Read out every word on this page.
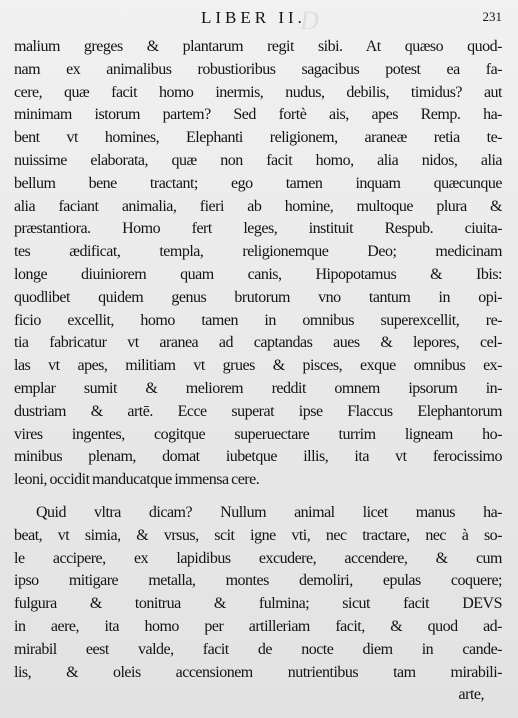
D
LIBER II.	231
malium greges & plantarum regit sibi. At quæso quod-
nam ex animalibus robustioribus sagacibus potest ea fa-
cere, quæ facit homo inermis, nudus, debilis, timidus? aut
minimam istorum partem? Sed fortè ais, apes Remp. ha-
bent vt homines, Elephanti religionem, araneæ retia te-
nuissime elaborata, quæ non facit homo, alia nidos, alia
bellum bene tractant; ego tamen inquam quæcunque
alia faciant animalia, fieri ab homine, multoque plura &
præstantiora. Homo fert leges, instituit Respub. ciuita-
tes ædificat, templa, religionemque Deo; medicinam
longe diuiniorem quam canis, Hipopotamus & Ibis:
quodlibet quidem genus brutorum vno tantum in opi-
ficio excellit, homo tamen in omnibus superexcellit, re-
tia fabricatur vt aranea ad captandas aues & lepores, cel-
las vt apes, militiam vt grues & pisces, exque omnibus ex-
emplar sumit & meliorem reddit omnem ipsorum in-
dustriam & artē. Ecce superat ipse Flaccus Elephantorum
vires ingentes, cogitque superuectare turrim ligneam ho-
minibus plenam, domat iubetque illis, ita vt ferocissimo
leoni, occidit manducatque immensa cere.
Quid vltra dicam? Nullum animal licet manus ha-
beat, vt simia, & vrsus, scit igne vti, nec tractare, nec à so-
le accipere, ex lapidibus excudere, accendere, & cum
ipso mitigare metalla, montes demoliri, epulas coquere;
fulgura & tonitrua & fulmina; sicut facit DEVS
in aere, ita homo per artilleriam facit, & quod ad-
mirabil eest valde, facit de nocte diem in cande-
lis, & oleis accensionem nutrientibus tam mirabili-
arte,
